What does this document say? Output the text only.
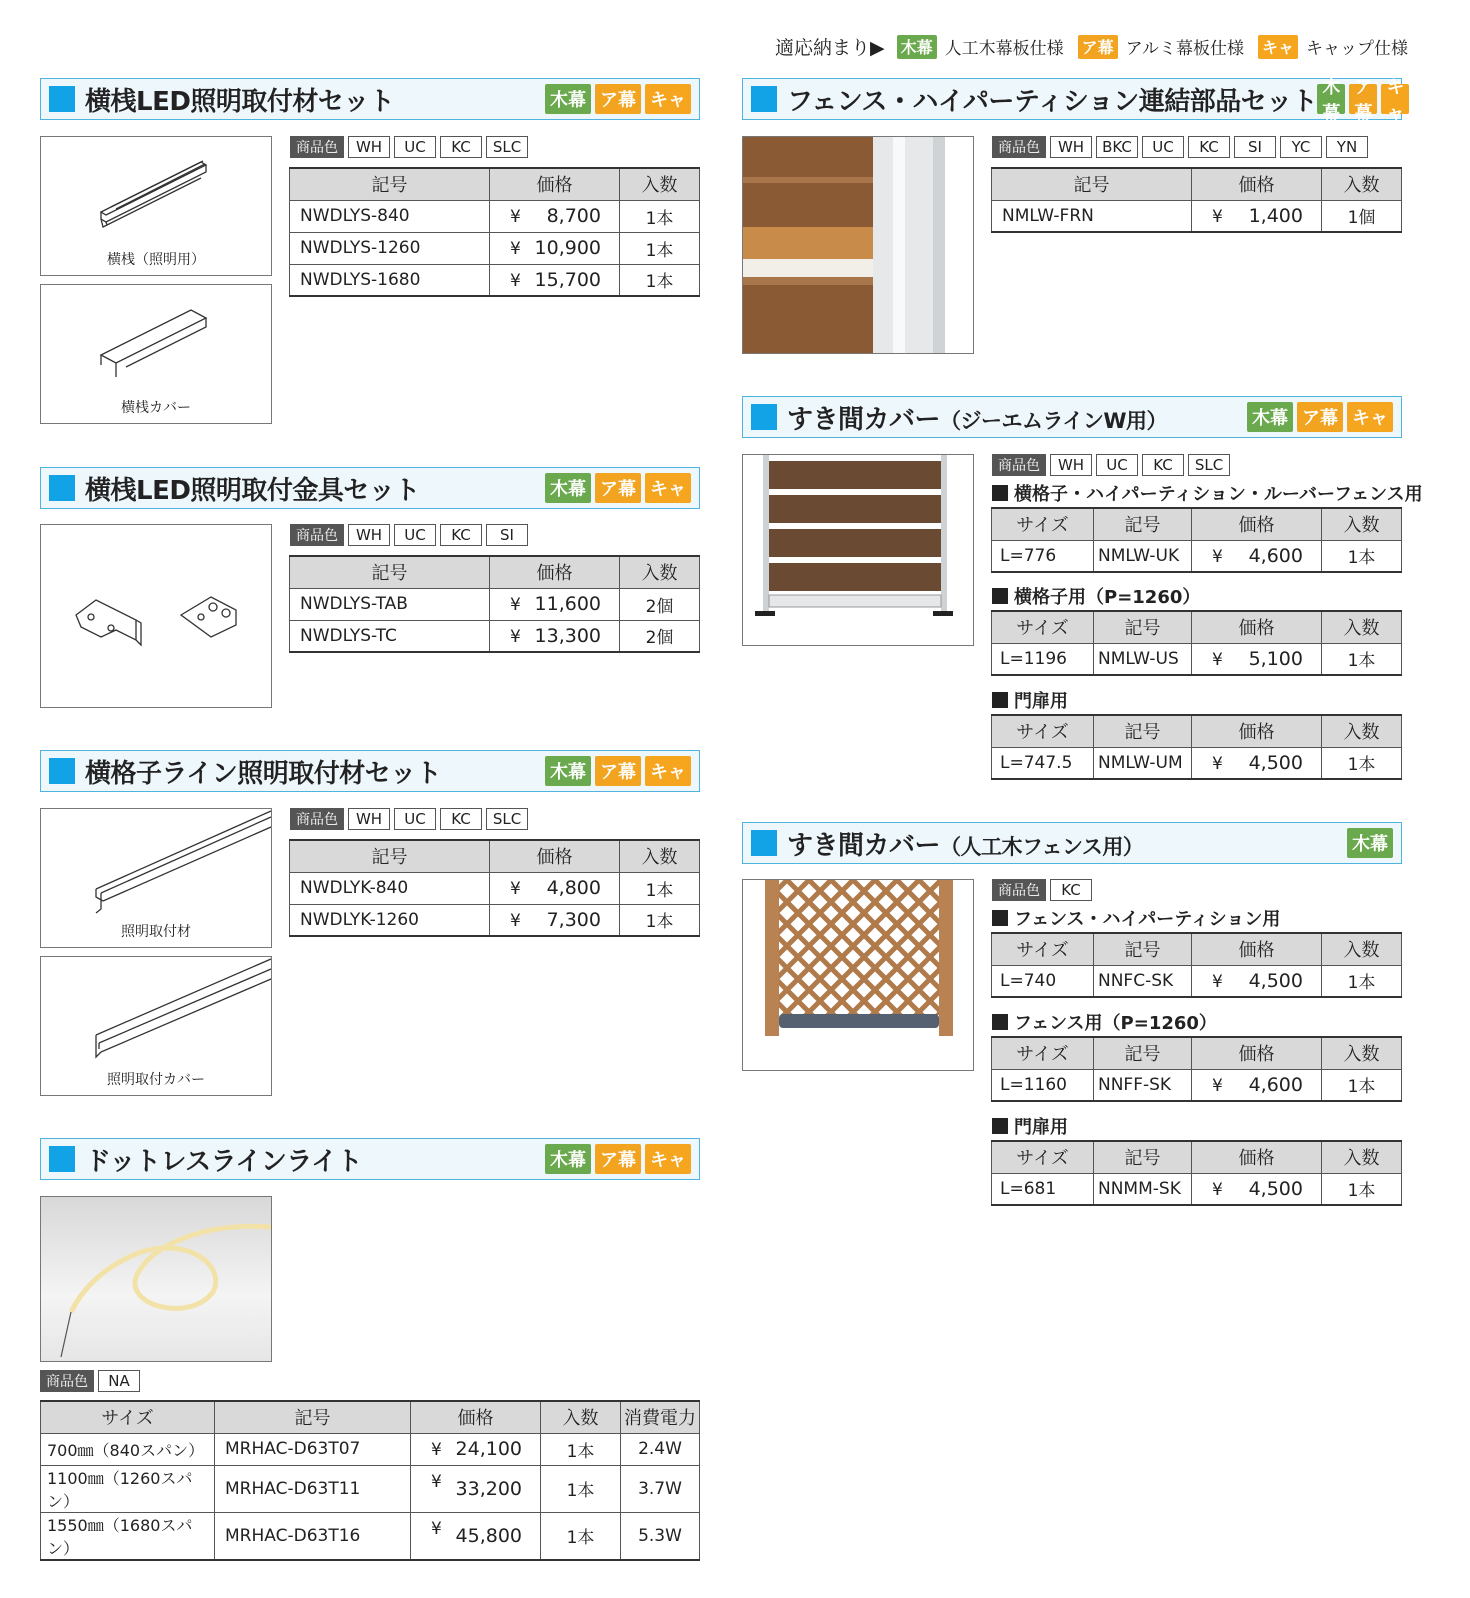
適応納まり▶ 木幕 人工木幕板仕様 ア幕 アルミ幕板仕様 キャ キャップ仕様
横桟LED照明取付材セット	木幕 ア幕 キャ
横桟（照明用）
横桟カバー
商品色	WH	UC	KC	SLC
記号	価格	入数
NWDLYS-840	¥ 8,700	1本
NWDLYS-1260	¥ 10,900	1本
NWDLYS-1680	¥ 15,700	1本
横桟LED照明取付金具セット	木幕 ア幕 キャ
商品色	WH	UC	KC	SI
記号	価格	入数
NWDLYS-TAB	¥ 11,600	2個
NWDLYS-TC	¥ 13,300	2個
横格子ライン照明取付材セット	木幕 ア幕 キャ
照明取付材
照明取付カバー
商品色	WH	UC	KC	SLC
記号	価格	入数
NWDLYK-840	¥ 4,800	1本
NWDLYK-1260	¥ 7,300	1本
ドットレスラインライト	木幕 ア幕 キャ
商品色	NA
サイズ	記号	価格	入数	消費電力
700㎜（840スパン）	MRHAC-D63T07	¥ 24,100	1本	2.4W
1100㎜（1260スパン）	MRHAC-D63T11	¥ 33,200	1本	3.7W
1550㎜（1680スパン）	MRHAC-D63T16	¥ 45,800	1本	5.3W
フェンス・ハイパーティション連結部品セット 木幕
ア幕
キャ
商品色	WH	BKC	UC	KC	SI	YC	YN
記号	価格	入数
NMLW-FRN	¥ 1,400	1個
すき間カバー（ジーエムラインW用）	木幕 ア幕 キャ
商品色	WH	UC	KC	SLC
横格子・ハイパーティション・ルーバーフェンス用
サイズ	記号	価格	入数
L=776	NMLW-UK	¥ 4,600	1本
横格子用（P=1260）
サイズ	記号	価格	入数
L=1196	NMLW-US	¥ 5,100	1本
門扉用
サイズ	記号	価格	入数
L=747.5	NMLW-UM	¥ 4,500	1本
すき間カバー（人工木フェンス用）	木幕
商品色	KC
フェンス・ハイパーティション用
サイズ	記号	価格	入数
L=740	NNFC-SK	¥ 4,500	1本
フェンス用（P=1260）
サイズ	記号	価格	入数
L=1160	NNFF-SK	¥ 4,600	1本
門扉用
サイズ	記号	価格	入数
L=681	NNMM-SK	¥ 4,500	1本
